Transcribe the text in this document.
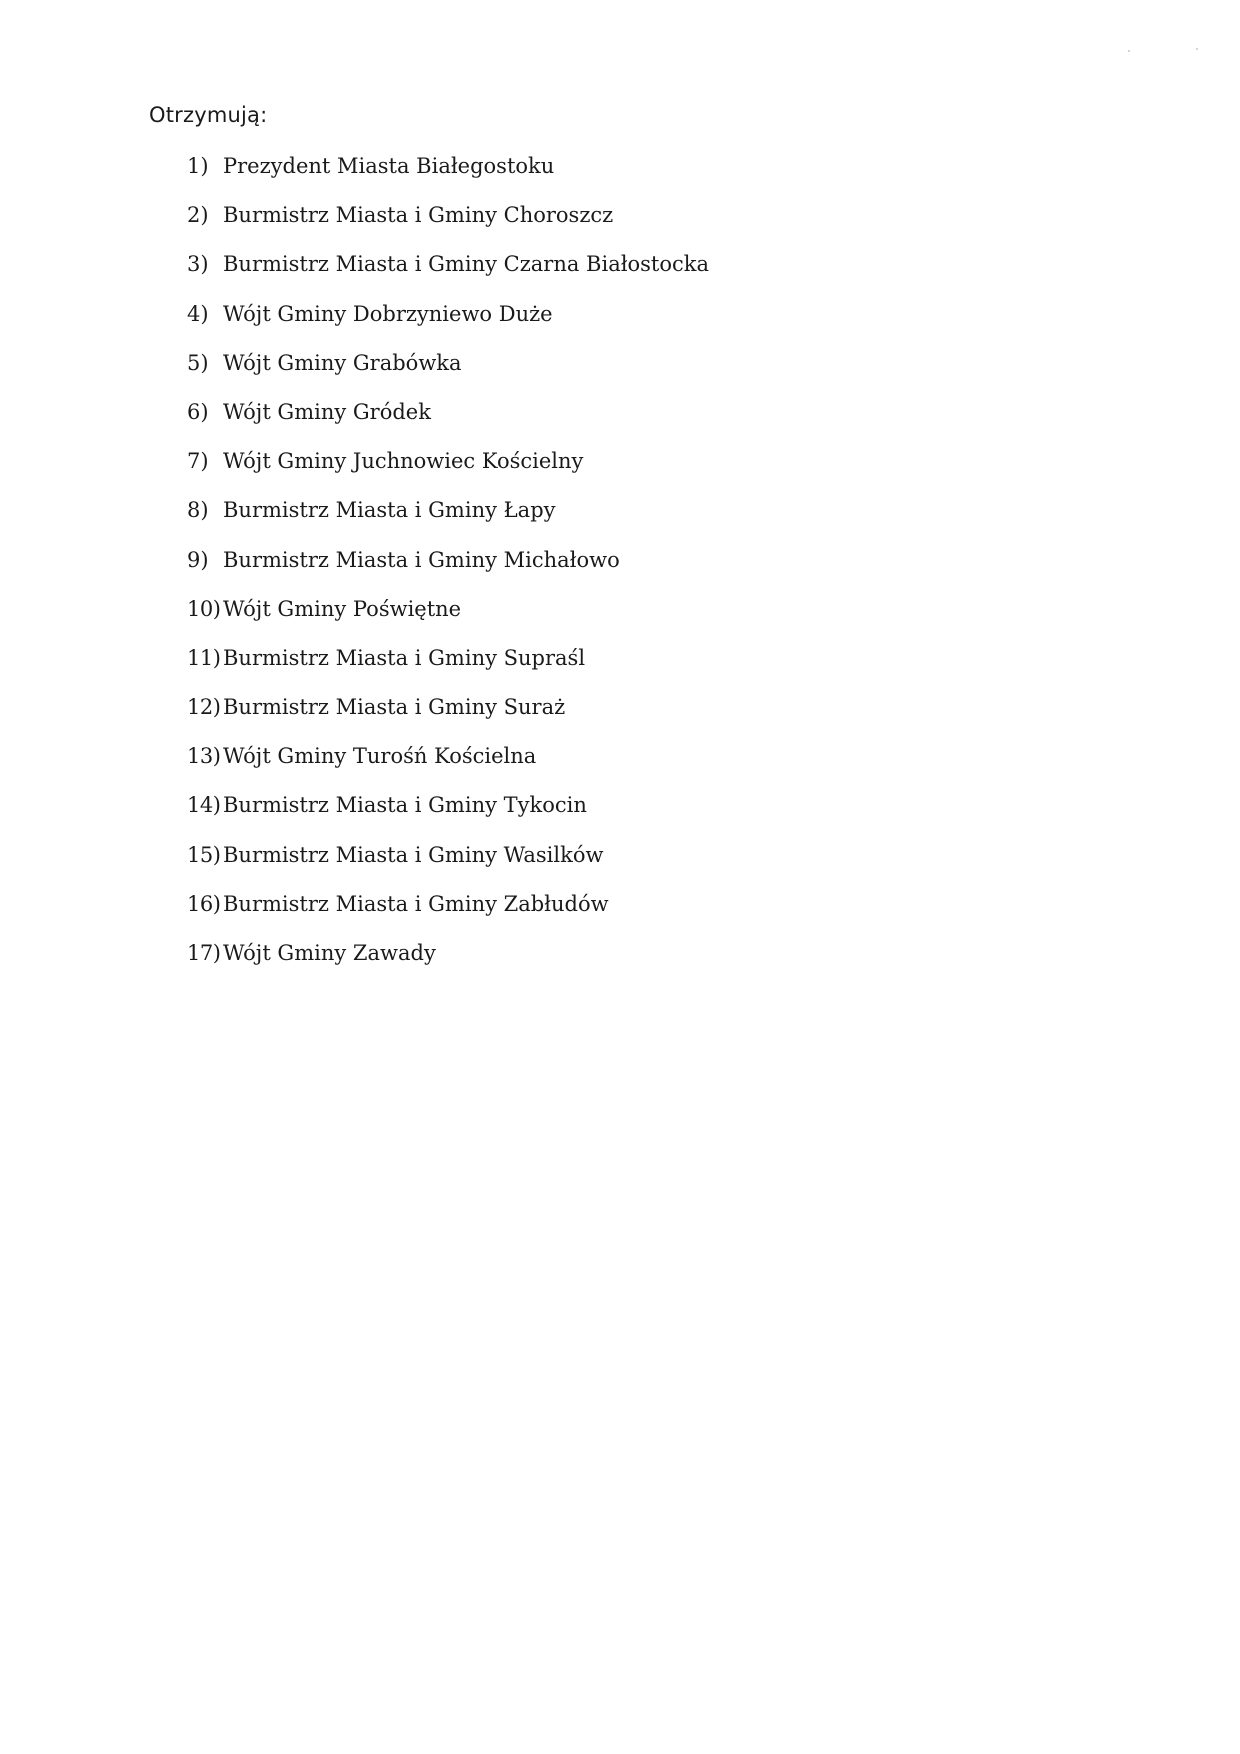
Otrzymują:
1) Prezydent Miasta Białegostoku
2) Burmistrz Miasta i Gminy Choroszcz
3) Burmistrz Miasta i Gminy Czarna Białostocka
4) Wójt Gminy Dobrzyniewo Duże
5) Wójt Gminy Grabówka
6) Wójt Gminy Gródek
7) Wójt Gminy Juchnowiec Kościelny
8) Burmistrz Miasta i Gminy Łapy
9) Burmistrz Miasta i Gminy Michałowo
10) Wójt Gminy Poświętne
11) Burmistrz Miasta i Gminy Supraśl
12) Burmistrz Miasta i Gminy Suraż
13) Wójt Gminy Turośń Kościelna
14) Burmistrz Miasta i Gminy Tykocin
15) Burmistrz Miasta i Gminy Wasilków
16) Burmistrz Miasta i Gminy Zabłudów
17) Wójt Gminy Zawady
